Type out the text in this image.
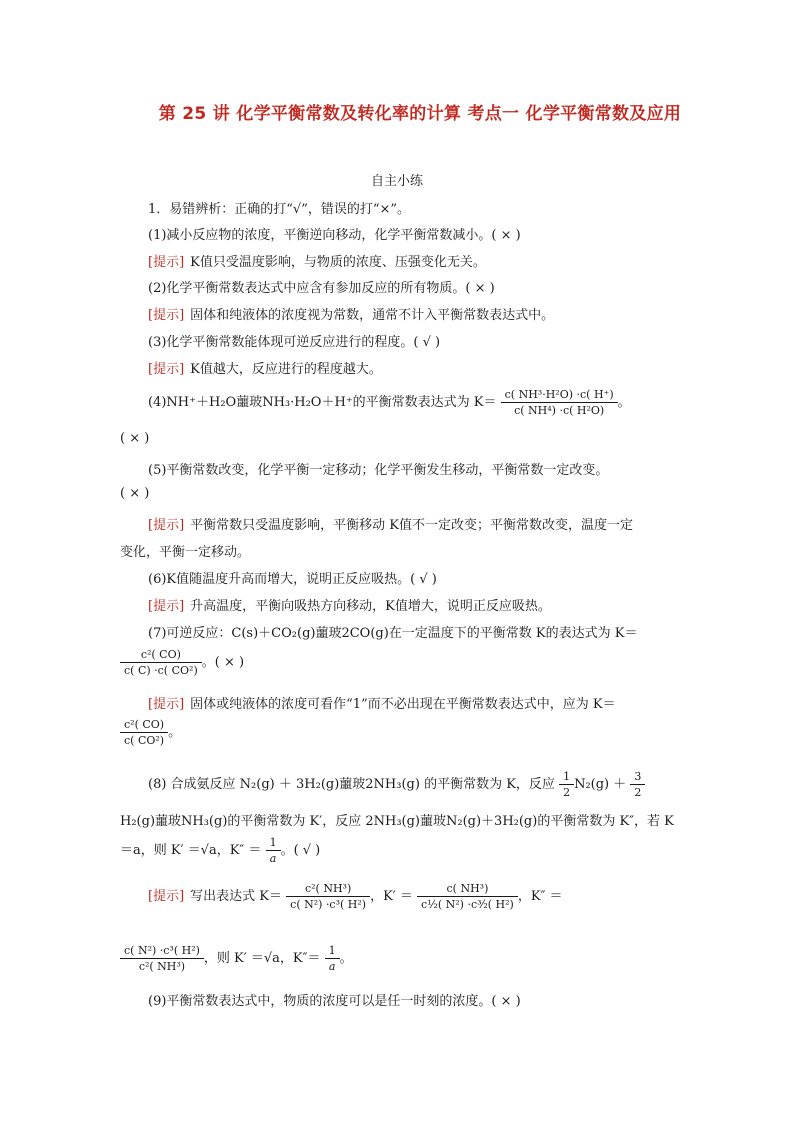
第 25 讲 化学平衡常数及转化率的计算 考点一 化学平衡常数及应用
自主小练
1．易错辨析：正确的打“√”，错误的打“×”。
(1)减小反应物的浓度，平衡逆向移动，化学平衡常数减小。( × )
[提示] K值只受温度影响，与物质的浓度、压强变化无关。
(2)化学平衡常数表达式中应含有参加反应的所有物质。( × )
[提示] 固体和纯液体的浓度视为常数，通常不计入平衡常数表达式中。
(3)化学平衡常数能体现可逆反应进行的程度。( √ )
[提示] K值越大，反应进行的程度越大。
(4)NH⁺＋H₂O蘁玻NH₃·H₂O＋H⁺的平衡常数表达式为 $K= \frac{\text{c( NH³·H²O) ·c( H⁺)}}{\text{c( NH⁴) ·c( H²O)}}$ 。
( × )
(5)平衡常数改变，化学平衡一定移动；化学平衡发生移动，平衡常数一定改变。
( × )
[提示] 平衡常数只受温度影响，平衡移动 K值不一定改变；平衡常数改变，温度一定
变化，平衡一定移动。
(6)K值随温度升高而增大，说明正反应吸热。( √ )
[提示] 升高温度，平衡向吸热方向移动，K值增大，说明正反应吸热。
(7)可逆反应：C(s)＋CO₂(g)蘁玻2CO(g)在一定温度下的平衡常数 K的表达式为 K＝
$\frac{\text{c²( CO)}}{\text{c( C) ·c( CO²)}}$ 。( × )
[提示] 固体或纯液体的浓度可看作“1”而不必出现在平衡常数表达式中，应为 K＝
$\frac{\text{c²( CO)}}{\text{c( CO²)}}$ 。
(8) 合成氨反应 N₂(g) ＋ 3H₂(g)蘁玻2NH₃(g) 的平衡常数为 K，反应 $\frac{1}{2} N_2(g) + \frac{3}{2}$
H₂(g)蘁玻NH₃(g)的平衡常数为 K′，反应 2NH₃(g)蘁玻N₂(g)＋3H₂(g)的平衡常数为 K″，若 K
＝a，则 K′ ＝√a，$K'' = \frac{1}{a}$ 。( √ )
[提示] 写出表达式 $K= \frac{\text{c²( NH³)}}{\text{c( N²) ·c³( H²)}}$ ，$K' = \frac{\text{c( NH³)}}{\text{c½( N²) ·c³⁄₂( H²)}}$ ，K″ ＝
$\frac{\text{c( N²) ·c³( H²)}}{\text{c²( NH³)}}$ ，则 K′ ＝√a，$K''= \frac{1}{a}$ 。
(9)平衡常数表达式中，物质的浓度可以是任一时刻的浓度。( × )
